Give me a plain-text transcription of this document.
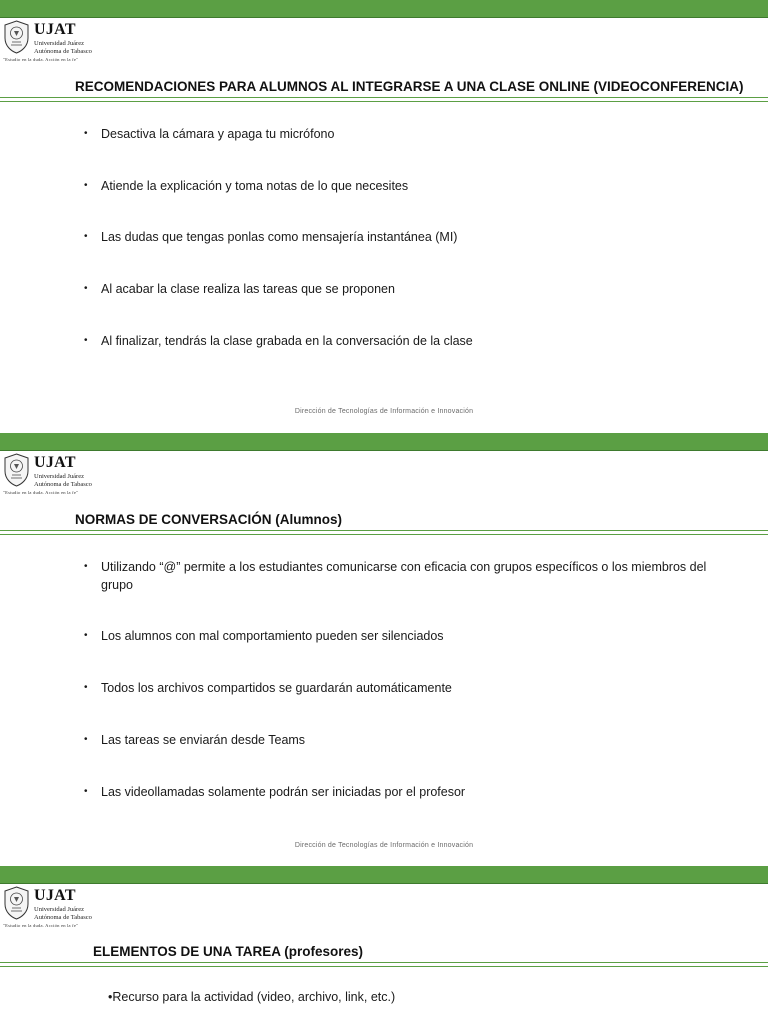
UJAT
Universidad Juárez
Autónoma de Tabasco
"Estudio en la duda. Acción en la fe"
RECOMENDACIONES PARA ALUMNOS AL INTEGRARSE A UNA CLASE ONLINE (VIDEOCONFERENCIA)
• Desactiva la cámara y apaga tu micrófono
• Atiende la explicación y toma notas de lo que necesites
• Las dudas que tengas ponlas como mensajería instantánea (MI)
• Al acabar la clase realiza las tareas que se proponen
• Al finalizar, tendrás la clase grabada en la conversación de la clase
Dirección de Tecnologías de Información e Innovación
UJAT
Universidad Juárez
Autónoma de Tabasco
"Estudio en la duda. Acción en la fe"
NORMAS DE CONVERSACIÓN (Alumnos)
• Utilizando “@” permite a los estudiantes comunicarse con eficacia con grupos específicos o los miembros del grupo
• Los alumnos con mal comportamiento pueden ser silenciados
• Todos los archivos compartidos se guardarán automáticamente
• Las tareas se enviarán desde Teams
• Las videollamadas solamente podrán ser iniciadas por el profesor
Dirección de Tecnologías de Información e Innovación
UJAT
Universidad Juárez
Autónoma de Tabasco
"Estudio en la duda. Acción en la fe"
ELEMENTOS DE UNA TAREA (profesores)
•Recurso para la actividad (video, archivo, link, etc.)
